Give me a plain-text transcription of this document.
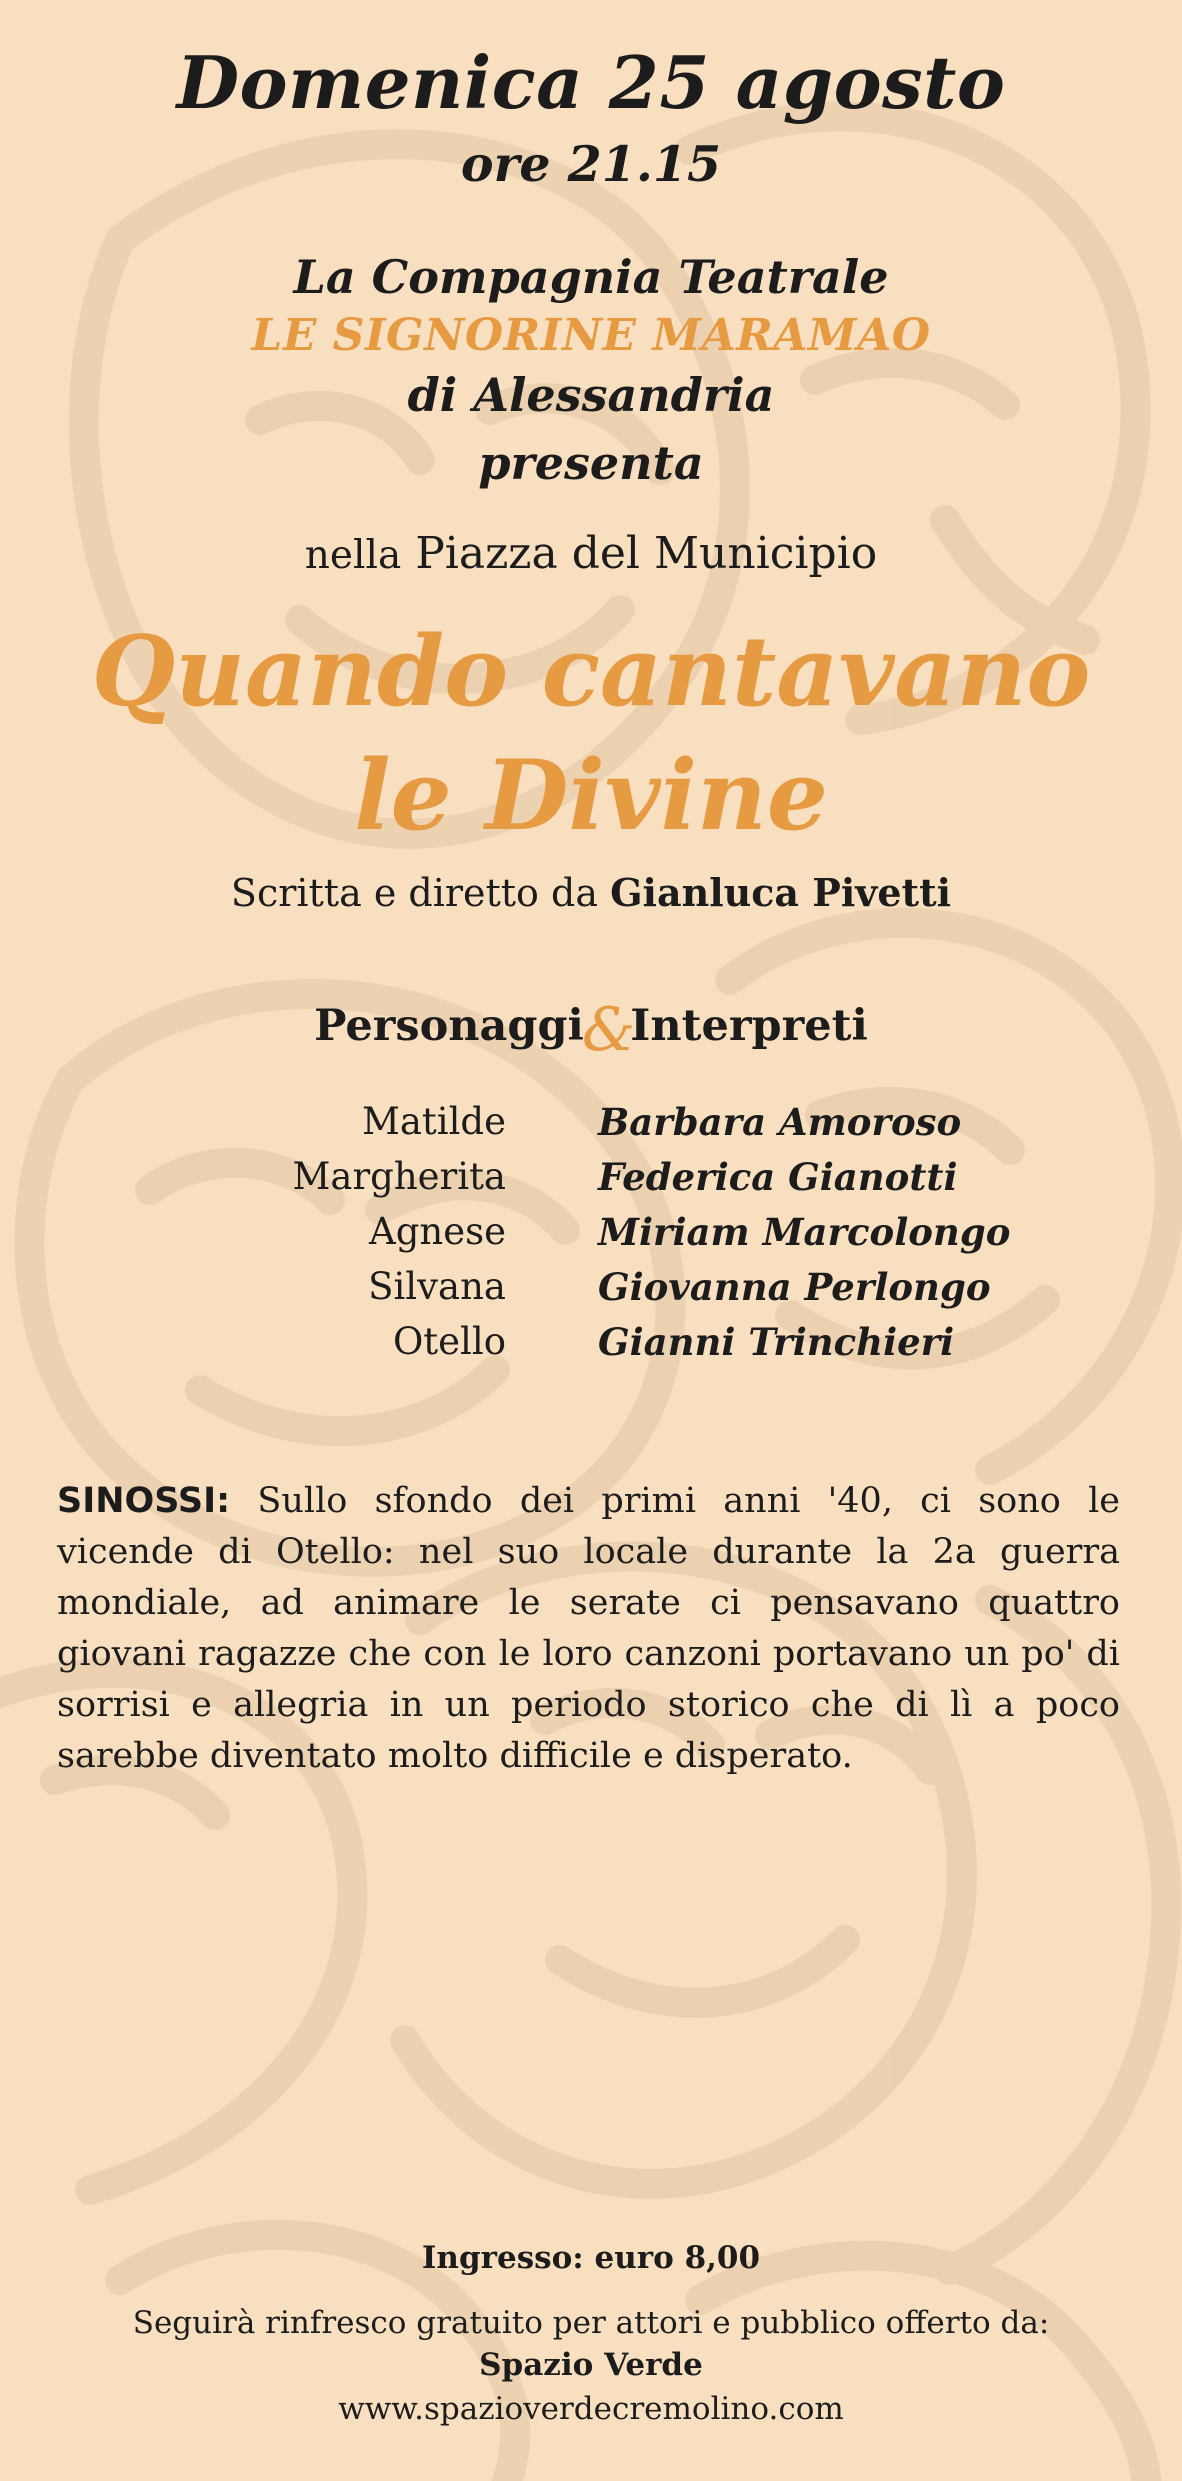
Domenica 25 agosto
ore 21.15
La Compagnia Teatrale
LE SIGNORINE MARAMAO
di Alessandria
presenta
nella Piazza del Municipio
Quando cantavano
le Divine
Scritta e diretto da Gianluca Pivetti
Personaggi&Interpreti
Matilde Barbara Amoroso
Margherita Federica Gianotti
Agnese Miriam Marcolongo
Silvana Giovanna Perlongo
Otello Gianni Trinchieri
SINOSSI: Sullo sfondo dei primi anni '40, ci sono le vicende di Otello: nel suo locale durante la 2a guerra mondiale, ad animare le serate ci pensavano quattro giovani ragazze che con le loro canzoni portavano un po' di sorrisi e allegria in un periodo storico che di lì a poco sarebbe diventato molto difficile e disperato.
Ingresso: euro 8,00
Seguirà rinfresco gratuito per attori e pubblico offerto da:
Spazio Verde
www.spazioverdecremolino.com
